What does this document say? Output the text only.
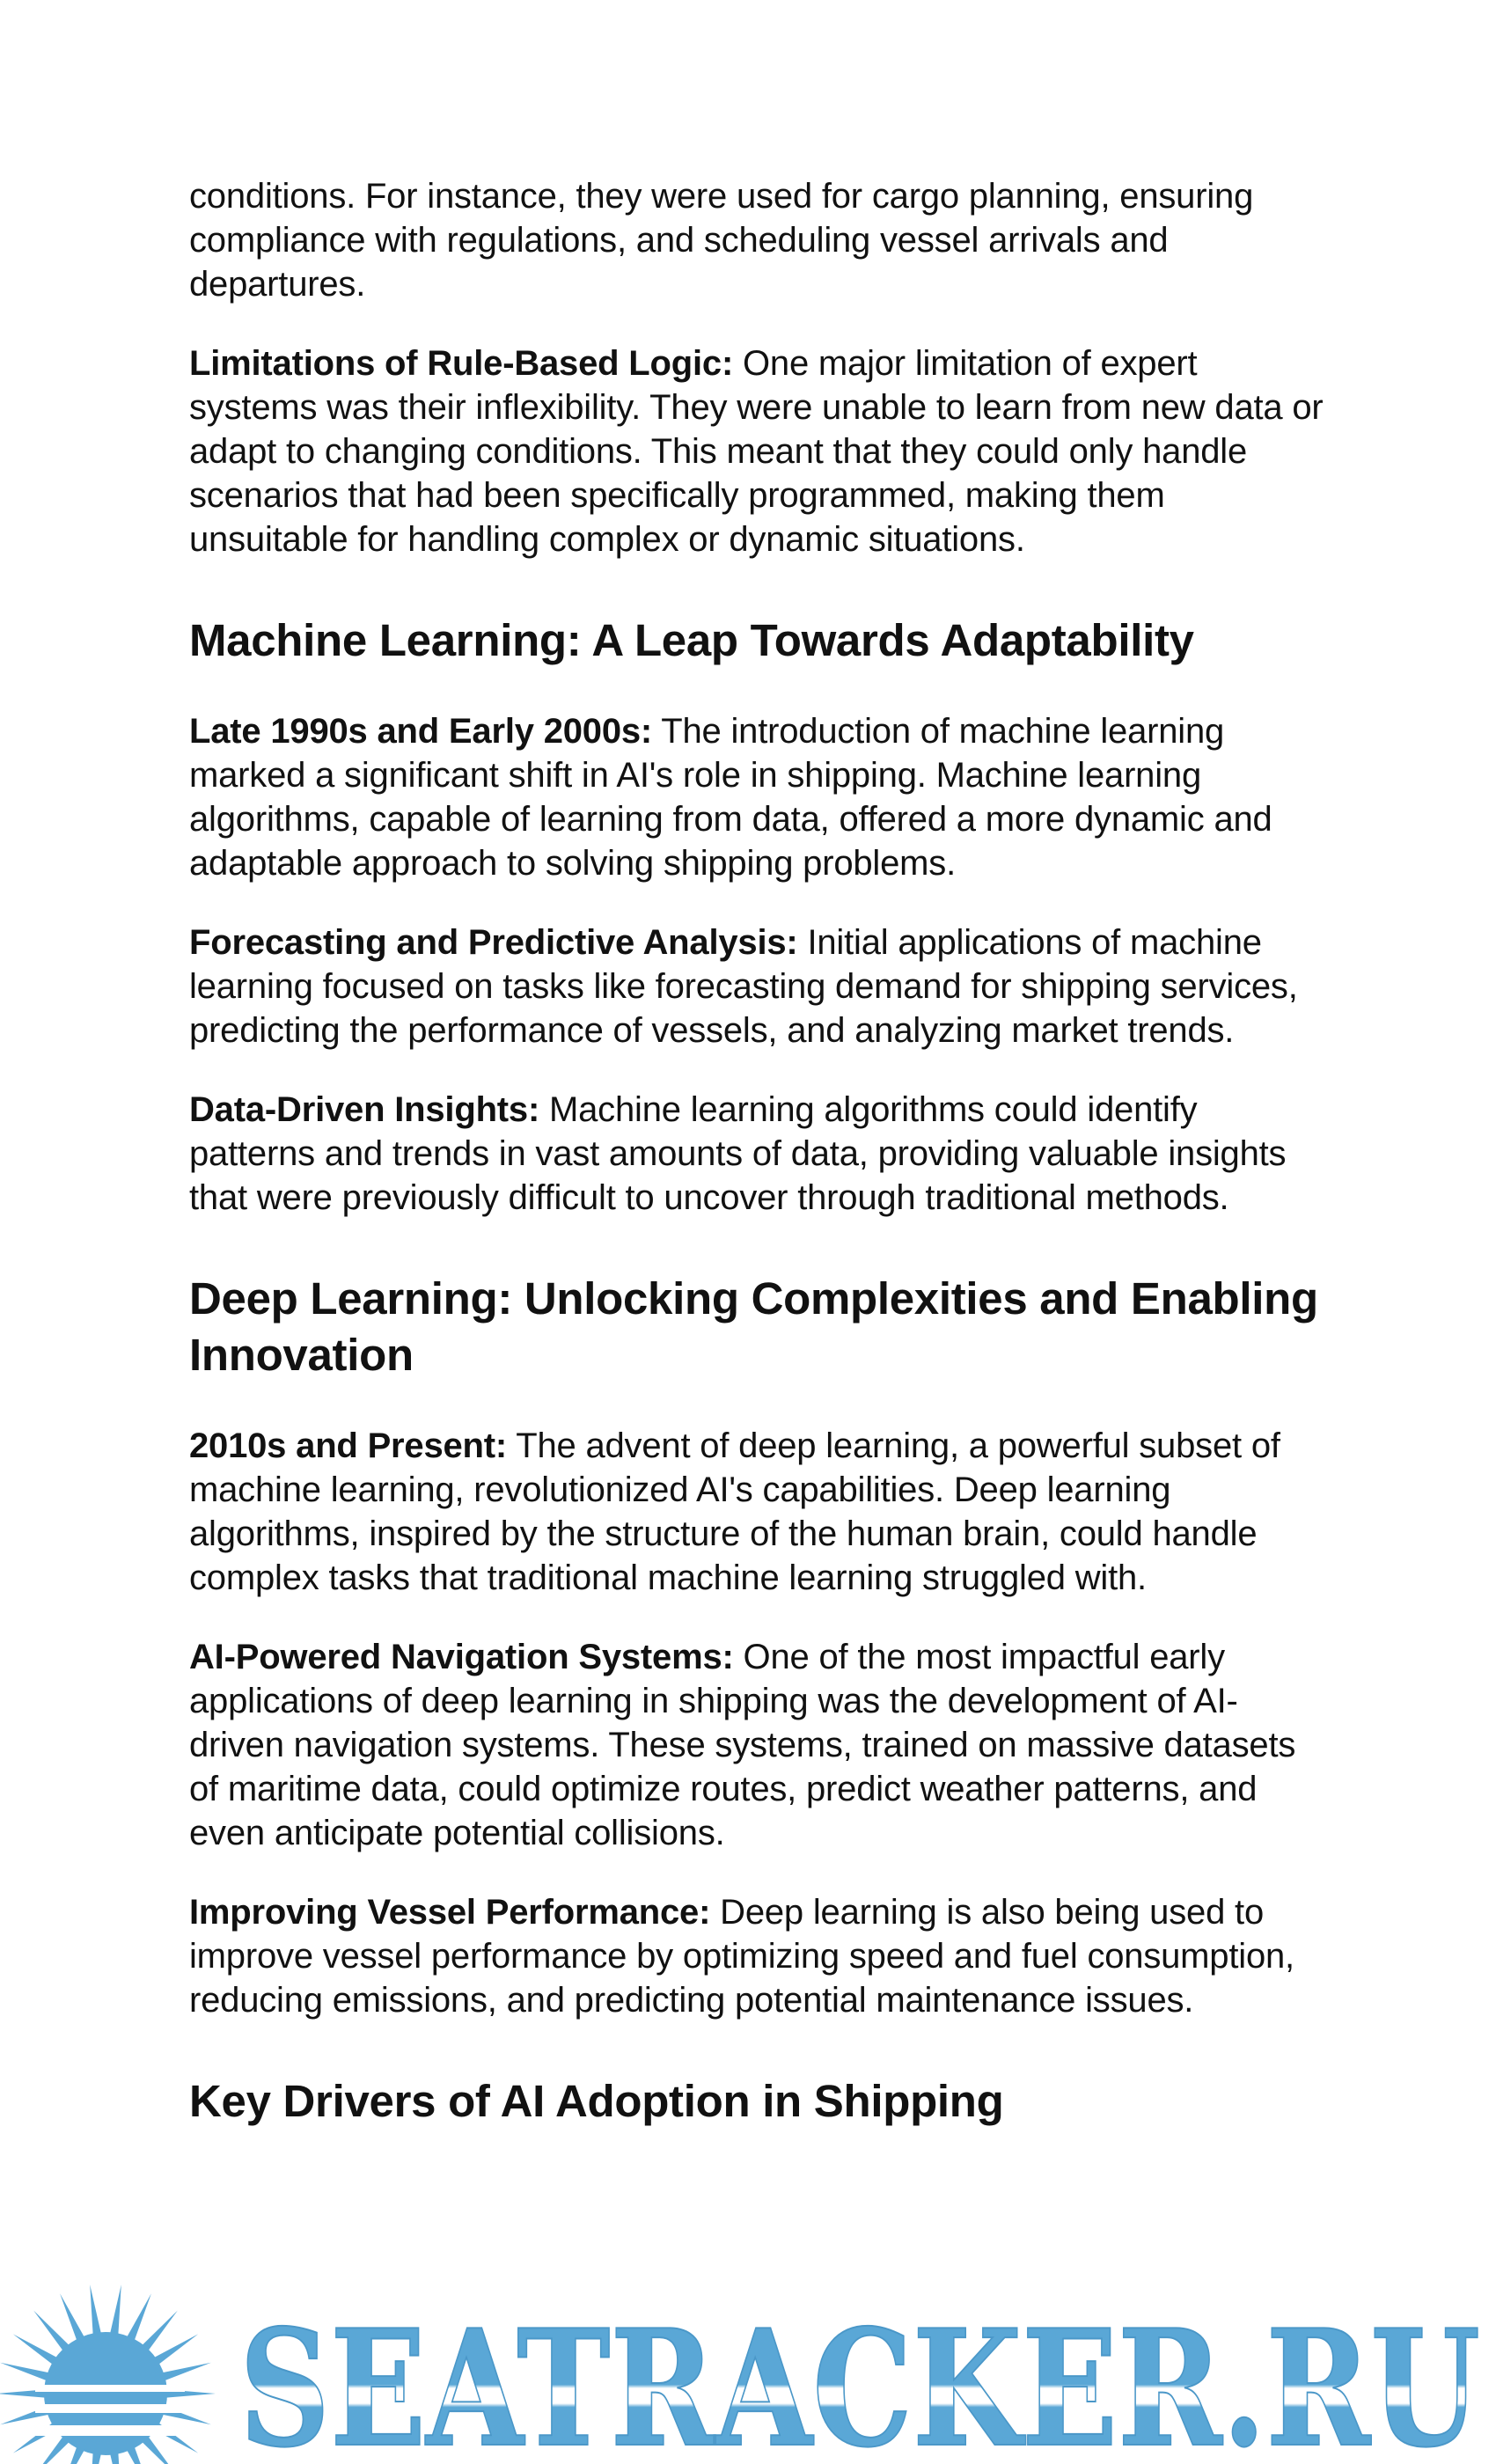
conditions. For instance, they were used for cargo planning, ensuring compliance with regulations, and scheduling vessel arrivals and departures.

Limitations of Rule-Based Logic: One major limitation of expert systems was their inflexibility. They were unable to learn from new data or adapt to changing conditions. This meant that they could only handle scenarios that had been specifically programmed, making them unsuitable for handling complex or dynamic situations.

Machine Learning: A Leap Towards Adaptability

Late 1990s and Early 2000s: The introduction of machine learning marked a significant shift in AI's role in shipping. Machine learning algorithms, capable of learning from data, offered a more dynamic and adaptable approach to solving shipping problems.

Forecasting and Predictive Analysis: Initial applications of machine learning focused on tasks like forecasting demand for shipping services, predicting the performance of vessels, and analyzing market trends.

Data-Driven Insights: Machine learning algorithms could identify patterns and trends in vast amounts of data, providing valuable insights that were previously difficult to uncover through traditional methods.

Deep Learning: Unlocking Complexities and Enabling Innovation

2010s and Present: The advent of deep learning, a powerful subset of machine learning, revolutionized AI's capabilities. Deep learning algorithms, inspired by the structure of the human brain, could handle complex tasks that traditional machine learning struggled with.

AI-Powered Navigation Systems: One of the most impactful early applications of deep learning in shipping was the development of AI-driven navigation systems. These systems, trained on massive datasets of maritime data, could optimize routes, predict weather patterns, and even anticipate potential collisions.

Improving Vessel Performance: Deep learning is also being used to improve vessel performance by optimizing speed and fuel consumption, reducing emissions, and predicting potential maintenance issues.

Key Drivers of AI Adoption in Shipping
SEATRACKER.RU
